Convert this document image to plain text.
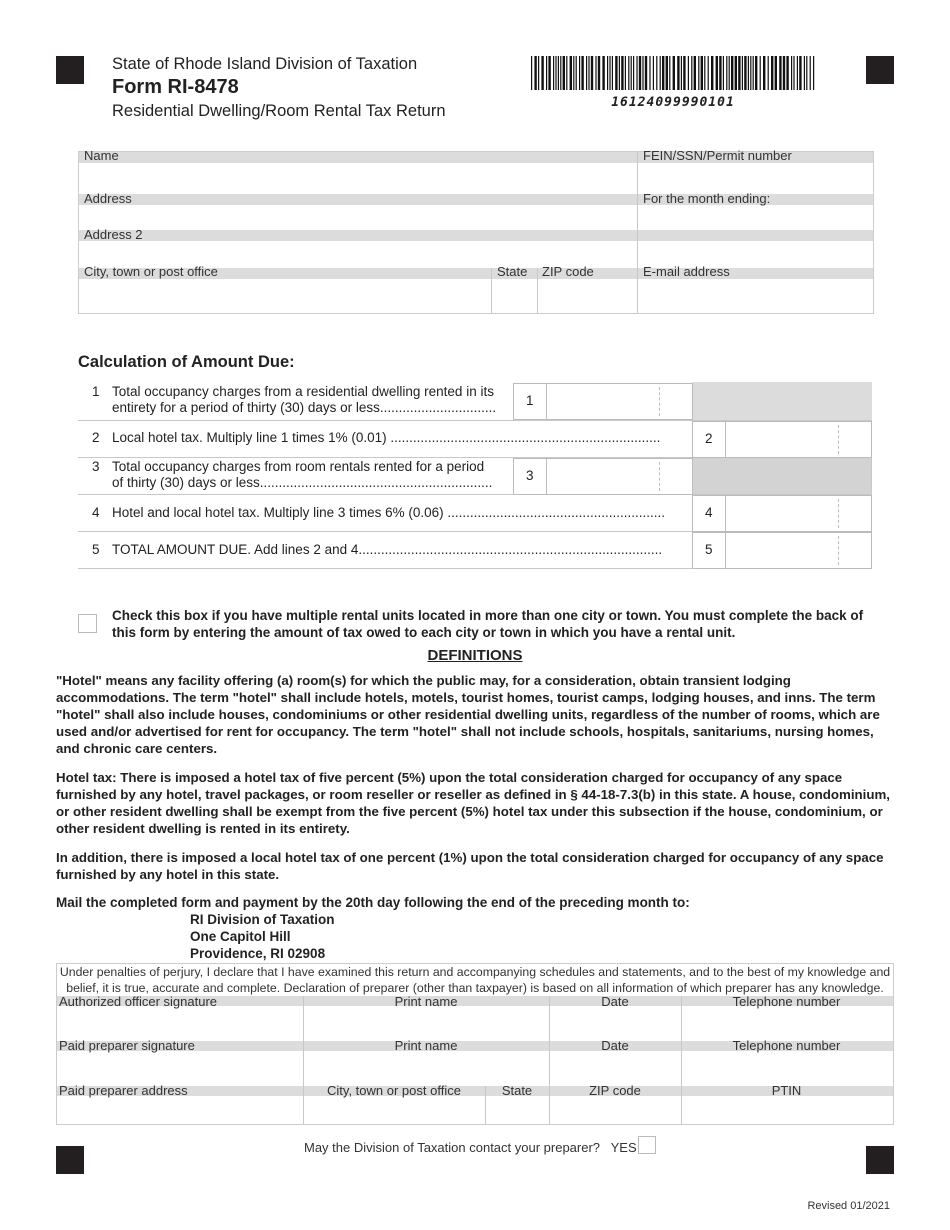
State of Rhode Island Division of Taxation
Form RI-8478
Residential Dwelling/Room Rental Tax Return	16124099990101
Name	FEIN/SSN/Permit number
Address	For the month ending:
Address 2
City, town or post office	State ZIP code	E-mail address
Calculation of Amount Due:
1 Total occupancy charges from a residential dwelling rented in its
entirety for a period of thirty (30) days or less............................... 1
2 Local hotel tax. Multiply line 1 times 1% (0.01) ........................................................................	2
3 Total occupancy charges from room rentals rented for a period
of thirty (30) days or less.............................................................. 3
4 Hotel and local hotel tax. Multiply line 3 times 6% (0.06) ..........................................................	4
5 TOTAL AMOUNT DUE. Add lines 2 and 4.................................................................................	5
Check this box if you have multiple rental units located in more than one city or town. You must complete the back of this form by entering the amount of tax owed to each city or town in which you have a rental unit.
DEFINITIONS
"Hotel" means any facility offering (a) room(s) for which the public may, for a consideration, obtain transient lodging accommodations. The term "hotel" shall include hotels, motels, tourist homes, tourist camps, lodging houses, and inns. The term "hotel" shall also include houses, condominiums or other residential dwelling units, regardless of the number of rooms, which are used and/or advertised for rent for occupancy. The term "hotel" shall not include schools, hospitals, sanitariums, nursing homes, and chronic care centers.
Hotel tax: There is imposed a hotel tax of five percent (5%) upon the total consideration charged for occupancy of any space furnished by any hotel, travel packages, or room reseller or reseller as defined in § 44-18-7.3(b) in this state. A house, condominium, or other resident dwelling shall be exempt from the five percent (5%) hotel tax under this subsection if the house, condominium, or other resident dwelling is rented in its entirety.
In addition, there is imposed a local hotel tax of one percent (1%) upon the total consideration charged for occupancy of any space furnished by any hotel in this state.
Mail the completed form and payment by the 20th day following the end of the preceding month to:
RI Division of Taxation
One Capitol Hill
Providence, RI 02908
Under penalties of perjury, I declare that I have examined this return and accompanying schedules and statements, and to the best of my knowledge and belief, it is true, accurate and complete. Declaration of preparer (other than taxpayer) is based on all information of which preparer has any knowledge.
Authorized officer signature	Print name	Date	Telephone number
Paid preparer signature	Print name	Date	Telephone number
Paid preparer address	City, town or post office	State	ZIP code	PTIN
May the Division of Taxation contact your preparer? YES
Revised 01/2021
